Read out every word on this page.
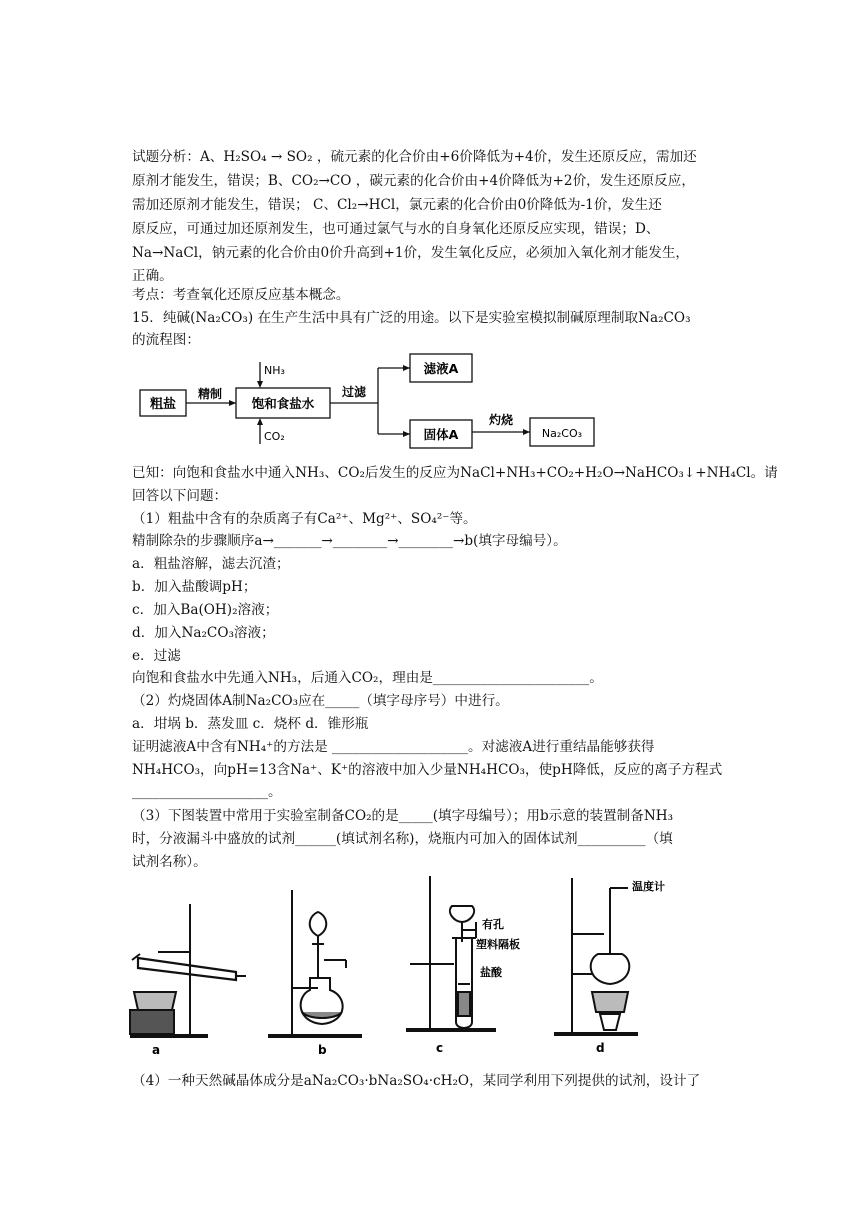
试题分析：A、H₂SO₄ → SO₂ ，硫元素的化合价由+6价降低为+4价，发生还原反应，需加还
原剂才能发生，错误；B、CO₂→CO ，碳元素的化合价由+4价降低为+2价，发生还原反应，
需加还原剂才能发生，错误； C、Cl₂→HCl，氯元素的化合价由0价降低为-1价，发生还
原反应，可通过加还原剂发生，也可通过氯气与水的自身氧化还原反应实现，错误；D、
Na→NaCl，钠元素的化合价由0价升高到+1价，发生氧化反应，必须加入氧化剂才能发生，
正确。
考点：考查氧化还原反应基本概念。
15．纯碱(Na₂CO₃) 在生产生活中具有广泛的用途。以下是实验室模拟制碱原理制取Na₂CO₃
的流程图：
粗盐
精制
饱和食盐水
NH₃
CO₂
过滤
滤液A
固体A
灼烧
Na₂CO₃
已知：向饱和食盐水中通入NH₃、CO₂后发生的反应为NaCl+NH₃+CO₂+H₂O→NaHCO₃↓+NH₄Cl。请
回答以下问题：
（1）粗盐中含有的杂质离子有Ca²⁺、Mg²⁺、SO₄²⁻等。
精制除杂的步骤顺序a→_______→________→________→b(填字母编号）。
a．粗盐溶解，滤去沉渣；
b．加入盐酸调pH；
c．加入Ba(OH)₂溶液；
d．加入Na₂CO₃溶液；
e．过滤
向饱和食盐水中先通入NH₃，后通入CO₂，理由是_______________________。
（2）灼烧固体A制Na₂CO₃应在_____（填字母序号）中进行。
a．坩埚 b．蒸发皿 c．烧杯 d．锥形瓶
证明滤液A中含有NH₄⁺的方法是 ____________________。对滤液A进行重结晶能够获得
NH₄HCO₃，向pH=13含Na⁺、K⁺的溶液中加入少量NH₄HCO₃，使pH降低，反应的离子方程式
____________________。
（3）下图装置中常用于实验室制备CO₂的是_____(填字母编号）；用b示意的装置制备NH₃
时，分液漏斗中盛放的试剂______(填试剂名称)，烧瓶内可加入的固体试剂__________（填
试剂名称）。
a	b
有孔
塑料隔板
盐酸
c
温度计
d
（4）一种天然碱晶体成分是aNa₂CO₃·bNa₂SO₄·cH₂O，某同学利用下列提供的试剂，设计了
